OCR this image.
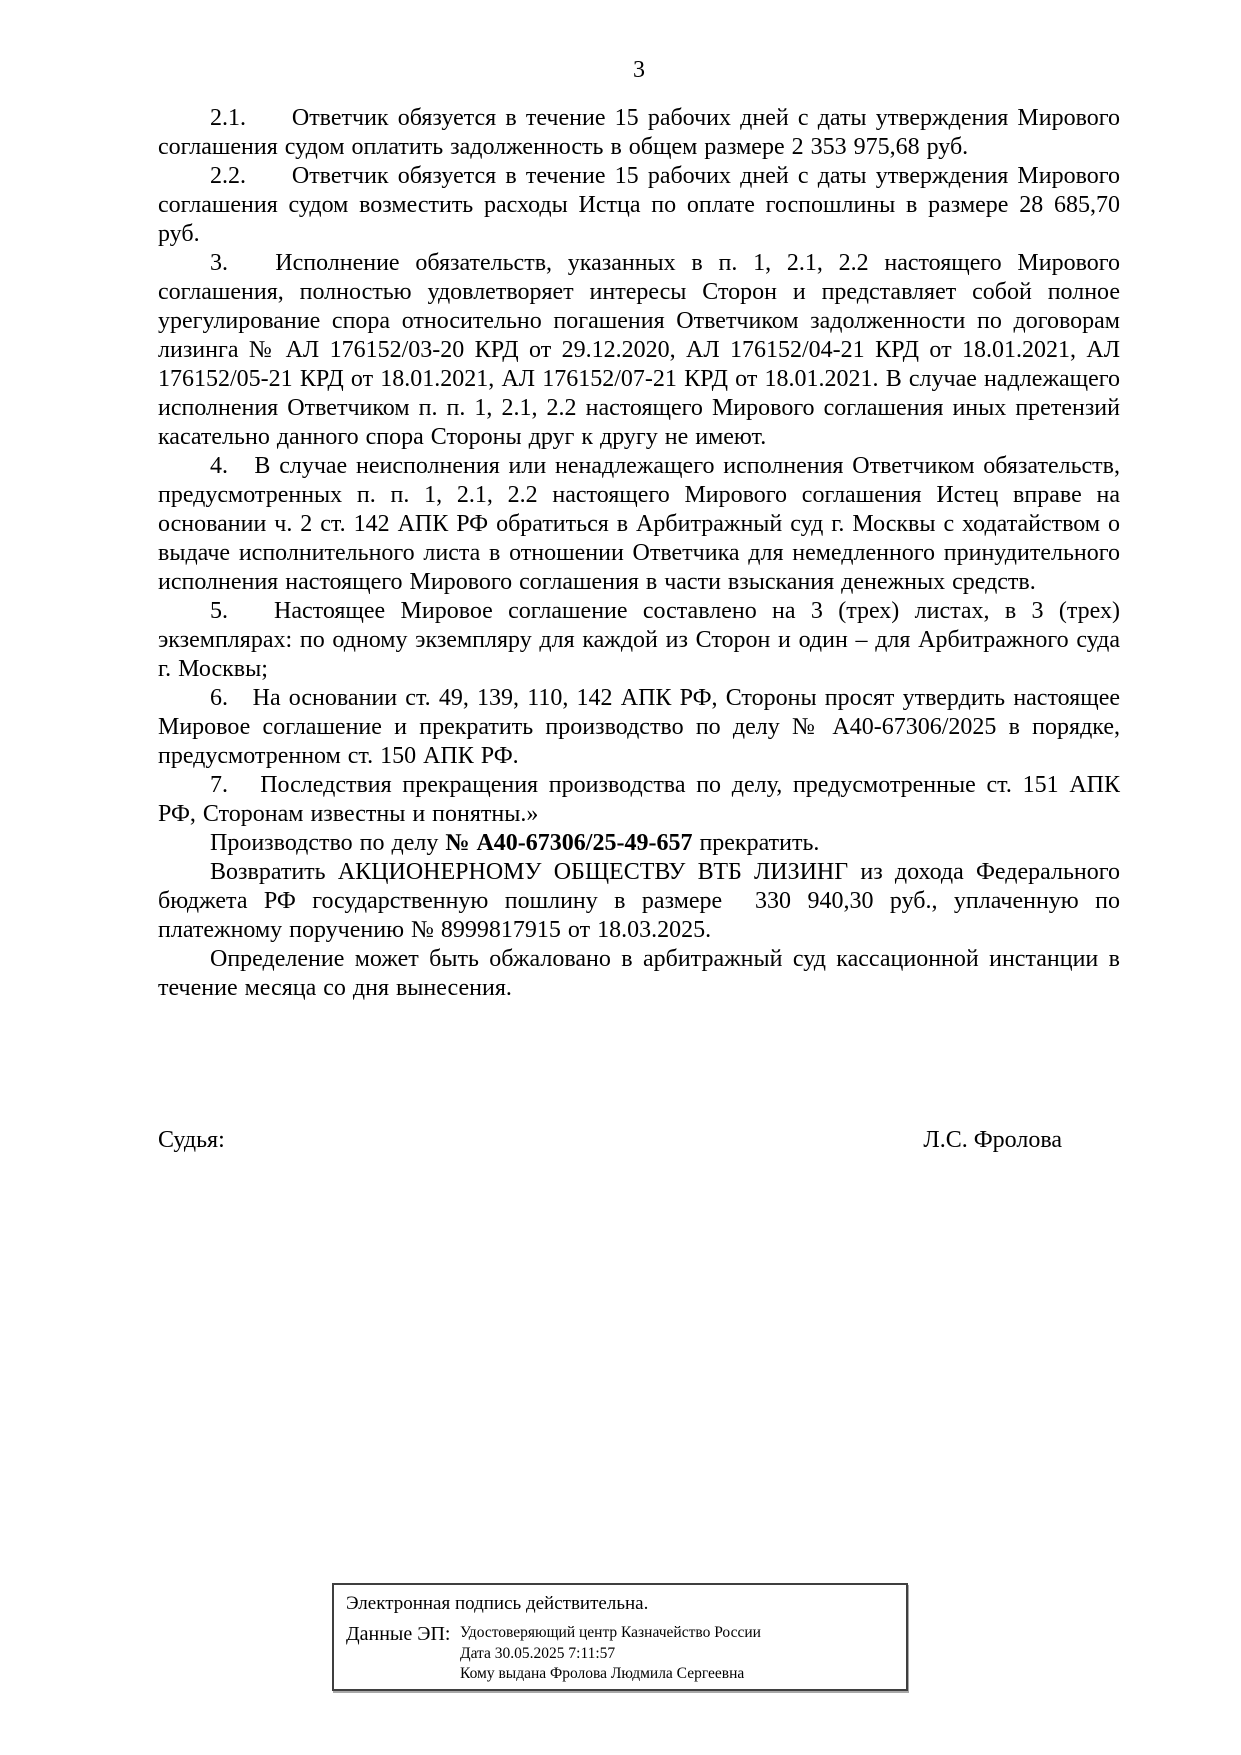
3

2.1.     Ответчик обязуется в течение 15 рабочих дней с даты утверждения Мирового соглашения судом оплатить задолженность в общем размере 2 353 975,68 руб.

2.2.     Ответчик обязуется в течение 15 рабочих дней с даты утверждения Мирового соглашения судом возместить расходы Истца по оплате госпошлины в размере 28 685,70 руб.

3.   Исполнение обязательств, указанных в п. 1, 2.1, 2.2 настоящего Мирового соглашения, полностью удовлетворяет интересы Сторон и представляет собой полное урегулирование спора относительно погашения Ответчиком задолженности по договорам лизинга № АЛ 176152/03-20 КРД от 29.12.2020, АЛ 176152/04-21 КРД от 18.01.2021, АЛ 176152/05-21 КРД от 18.01.2021, АЛ 176152/07-21 КРД от 18.01.2021. В случае надлежащего исполнения Ответчиком п. п. 1, 2.1, 2.2 настоящего Мирового соглашения иных претензий касательно данного спора Стороны друг к другу не имеют.

4.   В случае неисполнения или ненадлежащего исполнения Ответчиком обязательств, предусмотренных п. п. 1, 2.1, 2.2 настоящего Мирового соглашения Истец вправе на основании ч. 2 ст. 142 АПК РФ обратиться в Арбитражный суд г. Москвы с ходатайством о выдаче исполнительного листа в отношении Ответчика для немедленного принудительного исполнения настоящего Мирового соглашения в части взыскания денежных средств.

5.   Настоящее Мировое соглашение составлено на 3 (трех) листах, в 3 (трех) экземплярах: по одному экземпляру для каждой из Сторон и один – для Арбитражного суда г. Москвы;

6.   На основании ст. 49, 139, 110, 142 АПК РФ, Стороны просят утвердить настоящее Мировое соглашение и прекратить производство по делу № А40-67306/2025 в порядке, предусмотренном ст. 150 АПК РФ.

7.   Последствия прекращения производства по делу, предусмотренные ст. 151 АПК РФ, Сторонам известны и понятны.»

Производство по делу № А40-67306/25-49-657 прекратить.

Возвратить АКЦИОНЕРНОМУ ОБЩЕСТВУ ВТБ ЛИЗИНГ из дохода Федерального бюджета РФ государственную пошлину в размере  330 940,30 руб., уплаченную по платежному поручению № 8999817915 от 18.03.2025.

Определение может быть обжаловано в арбитражный суд кассационной инстанции в течение месяца со дня вынесения.

Судья:	Л.С. Фролова
Электронная подпись действительна.
Данные ЭП: Удостоверяющий центр Казначейство России
Дата 30.05.2025 7:11:57
Кому выдана Фролова Людмила Сергеевна
